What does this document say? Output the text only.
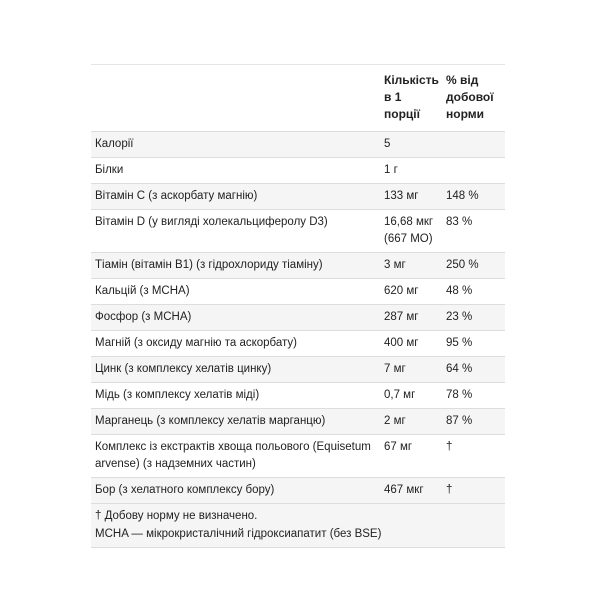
	Кількість в 1 порції	% від добової норми
Калорії	5	
Білки	1 г	
Вітамін С (з аскорбату магнію)	133 мг	148 %
Вітамін D (у вигляді холекальциферолу D3)	16,68 мкг (667 МО)	83 %
Тіамін (вітамін B1) (з гідрохлориду тіаміну)	3 мг	250 %
Кальцій (з MCHA)	620 мг	48 %
Фосфор (з MCHA)	287 мг	23 %
Магній (з оксиду магнію та аскорбату)	400 мг	95 %
Цинк (з комплексу хелатів цинку)	7 мг	64 %
Мідь (з комплексу хелатів міді)	0,7 мг	78 %
Марганець (з комплексу хелатів марганцю)	2 мг	87 %
Комплекс із екстрактів хвоща польового (Equisetum arvense) (з надземних частин)	67 мг	†
Бор (з хелатного комплексу бору)	467 мкг	†
† Добову норму не визначено.
MCHA — мікрокристалічний гідроксиапатит (без BSE)
